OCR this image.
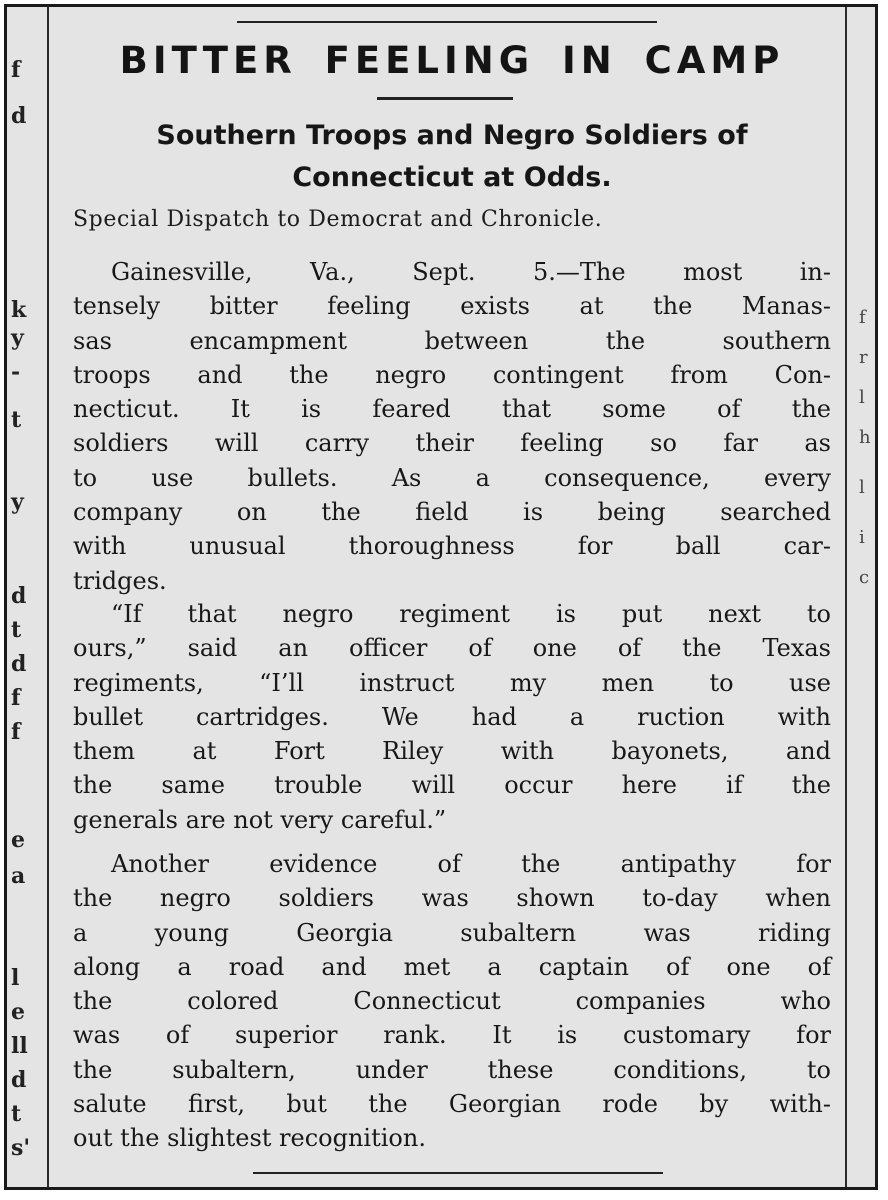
f
d
k
y
-
t
y
d
t
d
f
f
e
a
l
e
ll
d
t
s'
f
r
l
h
l
i
c
BITTER FEELING IN CAMP
Southern Troops and Negro Soldiers of
Connecticut at Odds.
Special Dispatch to Democrat and Chronicle.
Gainesville, Va., Sept. 5.—The most in-
tensely bitter feeling exists at the Manas-
sas encampment between the southern
troops and the negro contingent from Con-
necticut. It is feared that some of the
soldiers will carry their feeling so far as
to use bullets. As a consequence, every
company on the field is being searched
with unusual thoroughness for ball car-
tridges.
“If that negro regiment is put next to
ours,” said an officer of one of the Texas
regiments, “I’ll instruct my men to use
bullet cartridges. We had a ruction with
them at Fort Riley with bayonets, and
the same trouble will occur here if the
generals are not very careful.”
Another evidence of the antipathy for
the negro soldiers was shown to-day when
a young Georgia subaltern was riding
along a road and met a captain of one of
the colored Connecticut companies who
was of superior rank. It is customary for
the subaltern, under these conditions, to
salute first, but the Georgian rode by with-
out the slightest recognition.
